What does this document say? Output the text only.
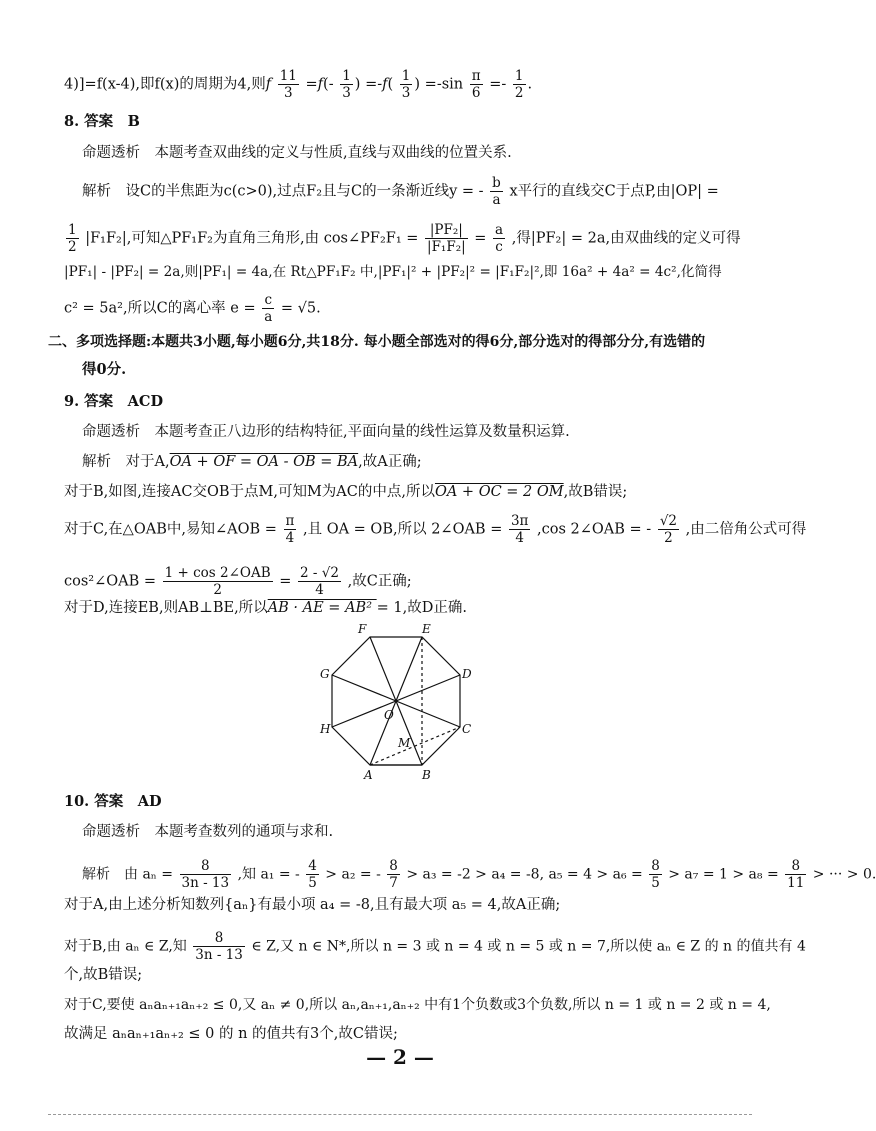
4)]=f(x-4),即f(x)的周期为4,则f $\frac{11}{3} =f(- \frac{1}{3}$ ) $=-f( \frac{1}{3}$ ) $=-\sin \frac{\pi}{6} =- \frac{1}{2}$ .
8. 答案　B
命题透析　本题考查双曲线的定义与性质,直线与双曲线的位置关系.
解析　设C的半焦距为c(c>0),过点F₂且与C的一条渐近线y = - $\frac{b}{a}$ x平行的直线交C于点P,由|OP| =
$\frac{1}{2} |F_1F_2|$,可知△PF₁F₂为直角三角形,由 cos∠PF₂F₁ = $\frac{\text{|PF₂|}}{\text{|F₁F₂|}} = \frac{a}{c}$ ,得|PF₂| = 2a,由双曲线的定义可得
|PF₁| - |PF₂| = 2a,则|PF₁| = 4a,在 Rt△PF₁F₂ 中,|PF₁|² + |PF₂|² = |F₁F₂|²,即 16a² + 4a² = 4c²,化简得
c² = 5a²,所以C的离心率 $e = \frac{c}{a} = √5$.
二、多项选择题:本题共3小题,每小题6分,共18分. 每小题全部选对的得6分,部分选对的得部分分,有选错的
得0分.
9. 答案　ACD
命题透析　本题考查正八边形的结构特征,平面向量的线性运算及数量积运算.
解析　对于A,OA + OF = OA - OB = BA,故A正确;
对于B,如图,连接AC交OB于点M,可知M为AC的中点,所以OA + OC = 2 OM,故B错误;
对于C,在△OAB中,易知∠AOB = $\frac{\pi}{4}$ ,且 OA = OB,所以 2∠OAB = $\frac{3\pi}{4} ,\cos$ 2∠OAB = - $\frac{√2}{2}$ ,由二倍角公式可得
cos²∠OAB = $\frac{\text{1 + cos 2∠OAB}}{2} = \frac{2 - √2}{4}$ ,故C正确;
对于D,连接EB,则AB⊥BE,所以AB · AE = AB² = 1,故D正确.
F	E
G	D
H	C
A	B
O
M
10. 答案　AD
命题透析　本题考查数列的通项与求和.
解析　由 $a_n = \frac{8}{3n - 13}$ ,知 a₁ = - $\frac{4}{5} > a_2$ = - $\frac{8}{7} > a_3 = -2 > a_4 = -8$, $a_5 = 4 > a_6 = \frac{8}{5} > a_7 = 1 > a_8 = \frac{8}{11}$ > ··· > 0.
对于A,由上述分析知数列{aₙ}有最小项 a₄ = -8,且有最大项 a₅ = 4,故A正确;
对于B,由 aₙ ∈ Z,知 $\frac{8}{3n - 13}$ ∈ Z,又 n ∈ N*,所以 n = 3 或 n = 4 或 n = 5 或 n = 7,所以使 aₙ ∈ Z 的 n 的值共有 4
个,故B错误;
对于C,要使 aₙaₙ₊₁aₙ₊₂ ≤ 0,又 aₙ ≠ 0,所以 aₙ,aₙ₊₁,aₙ₊₂ 中有1个负数或3个负数,所以 n = 1 或 n = 2 或 n = 4,
故满足 aₙaₙ₊₁aₙ₊₂ ≤ 0 的 n 的值共有3个,故C错误;
— 2 —
